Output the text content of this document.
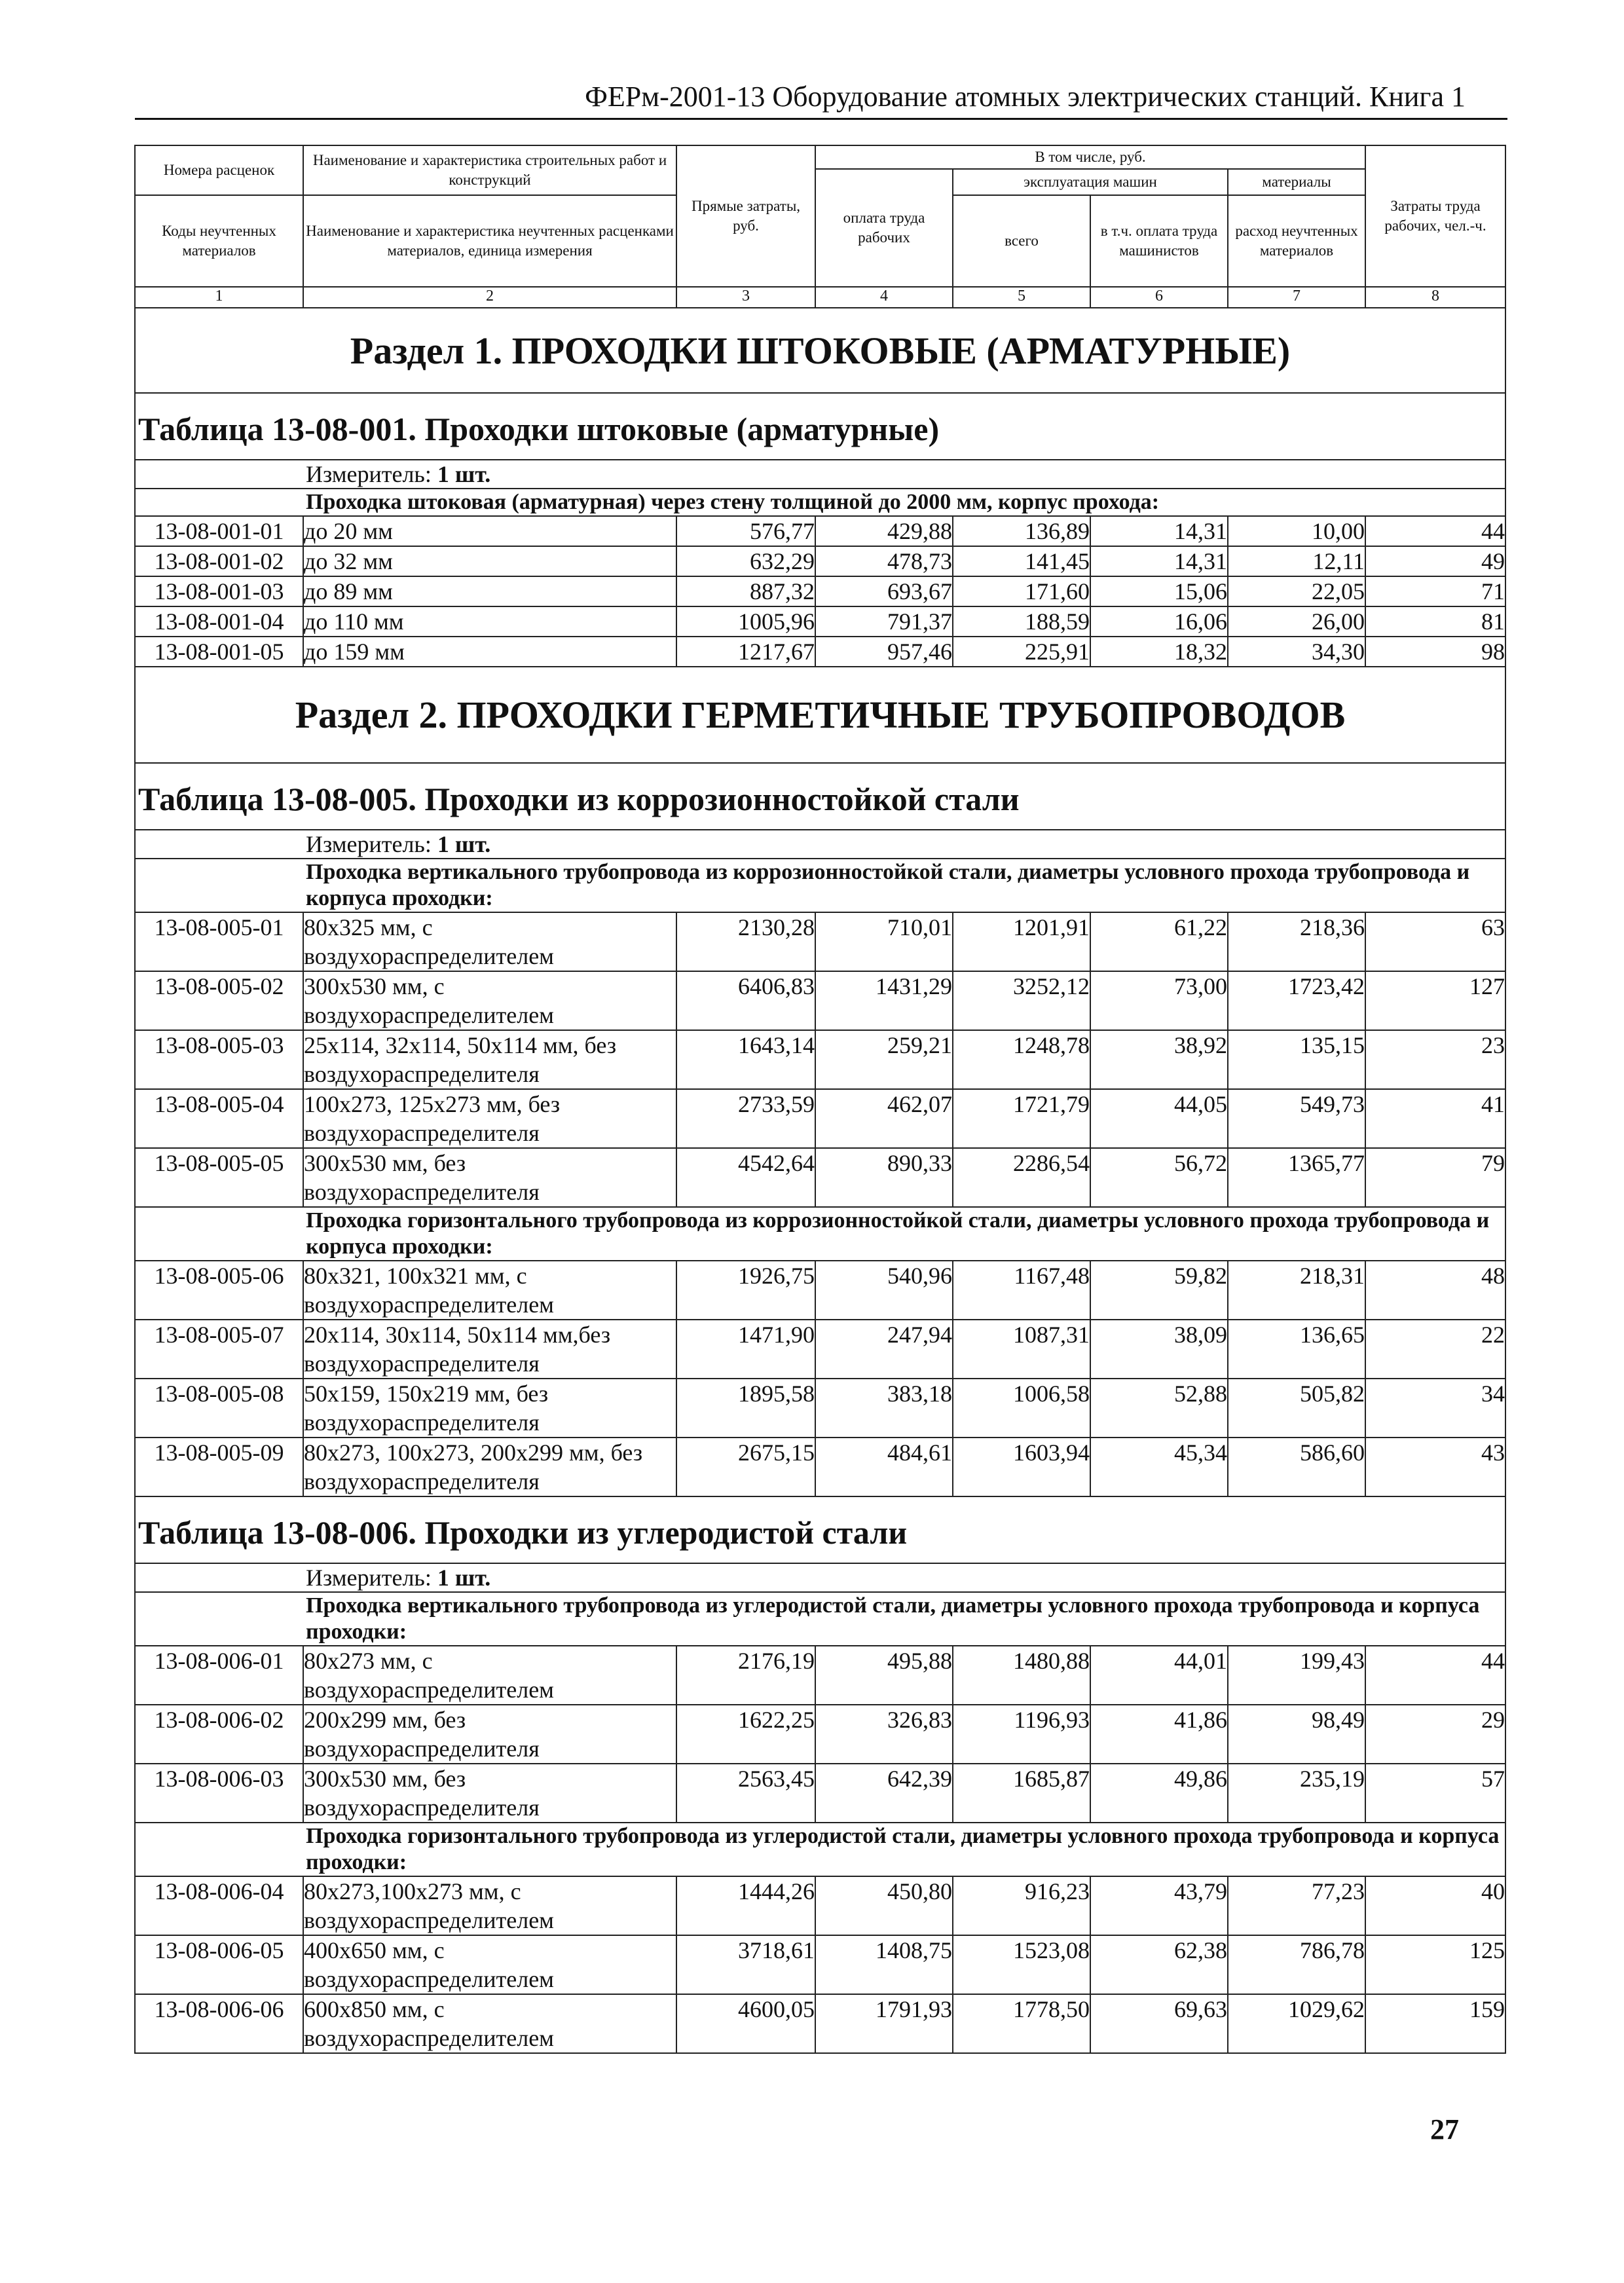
ФЕРм-2001-13 Оборудование атомных электрических станций. Книга 1
Номера расценок	Наименование и характеристика строительных работ и конструкций	Прямые затраты, руб.	В том числе, руб.				Затраты труда рабочих, чел.-ч.
			оплата труда рабочих	эксплуатация машин		материалы	
Коды неучтенных материалов	Наименование и характеристика неучтенных расценками материалов, единица измерения			всего	в т.ч. оплата труда машинистов	расход неучтенных материалов	

1	2	3	4	5	6	7	8
Раздел 1. ПРОХОДКИ ШТОКОВЫЕ (АРМАТУРНЫЕ)							
Таблица 13-08-001. Проходки штоковые (арматурные)							
Измеритель: 1 шт.							
Проходка штоковая (арматурная) через стену толщиной до 2000 мм, корпус прохода:							
13-08-001-01	до 20 мм	576,77	429,88	136,89	14,31	10,00	44
13-08-001-02	до 32 мм	632,29	478,73	141,45	14,31	12,11	49
13-08-001-03	до 89 мм	887,32	693,67	171,60	15,06	22,05	71
13-08-001-04	до 110 мм	1005,96	791,37	188,59	16,06	26,00	81
13-08-001-05	до 159 мм	1217,67	957,46	225,91	18,32	34,30	98
Раздел 2. ПРОХОДКИ ГЕРМЕТИЧНЫЕ ТРУБОПРОВОДОВ							
Таблица 13-08-005. Проходки из коррозионностойкой стали							
Измеритель: 1 шт.							
Проходка вертикального трубопровода из коррозионностойкой стали, диаметры условного прохода трубопровода и корпуса проходки:							
13-08-005-01	80x325 мм, с воздухораспределителем	2130,28	710,01	1201,91	61,22	218,36	63
13-08-005-02	300x530 мм, с воздухораспределителем	6406,83	1431,29	3252,12	73,00	1723,42	127
13-08-005-03	25x114, 32x114, 50x114 мм, без воздухораспределителя	1643,14	259,21	1248,78	38,92	135,15	23
13-08-005-04	100x273, 125x273 мм, без воздухораспределителя	2733,59	462,07	1721,79	44,05	549,73	41
13-08-005-05	300x530 мм, без воздухораспределителя	4542,64	890,33	2286,54	56,72	1365,77	79
Проходка горизонтального трубопровода из коррозионностойкой стали, диаметры условного прохода трубопровода и корпуса проходки:							
13-08-005-06	80x321, 100x321 мм, с воздухораспределителем	1926,75	540,96	1167,48	59,82	218,31	48
13-08-005-07	20x114, 30x114, 50x114 мм,без воздухораспределителя	1471,90	247,94	1087,31	38,09	136,65	22
13-08-005-08	50x159, 150x219 мм, без воздухораспределителя	1895,58	383,18	1006,58	52,88	505,82	34
13-08-005-09	80x273, 100x273, 200x299 мм, без воздухораспределителя	2675,15	484,61	1603,94	45,34	586,60	43
Таблица 13-08-006. Проходки из углеродистой стали							
Измеритель: 1 шт.							
Проходка вертикального трубопровода из углеродистой стали, диаметры условного прохода трубопровода и корпуса проходки:							
13-08-006-01	80x273 мм, с воздухораспределителем	2176,19	495,88	1480,88	44,01	199,43	44
13-08-006-02	200x299 мм, без воздухораспределителя	1622,25	326,83	1196,93	41,86	98,49	29
13-08-006-03	300x530 мм, без воздухораспределителя	2563,45	642,39	1685,87	49,86	235,19	57
Проходка горизонтального трубопровода из углеродистой стали, диаметры условного прохода трубопровода и корпуса проходки:							
13-08-006-04	80x273,100x273 мм, с воздухораспределителем	1444,26	450,80	916,23	43,79	77,23	40
13-08-006-05	400x650 мм, с воздухораспределителем	3718,61	1408,75	1523,08	62,38	786,78	125
13-08-006-06	600x850 мм, с воздухораспределителем	4600,05	1791,93	1778,50	69,63	1029,62	159
27
